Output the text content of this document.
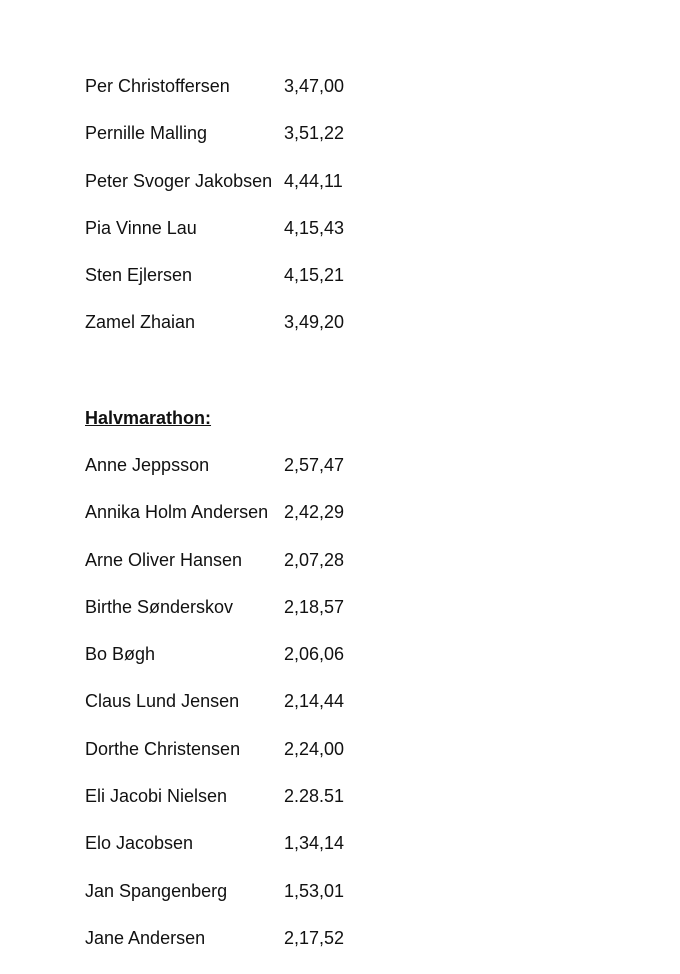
Per Christoffersen	3,47,00
Pernille Malling	3,51,22
Peter Svoger Jakobsen 4,44,11
Pia Vinne Lau	4,15,43
Sten Ejlersen	4,15,21
Zamel Zhaian	3,49,20
Halvmarathon:
Anne Jeppsson	2,57,47
Annika Holm Andersen 2,42,29
Arne Oliver Hansen 2,07,28
Birthe Sønderskov	2,18,57
Bo Bøgh	2,06,06
Claus Lund Jensen 2,14,44
Dorthe Christensen 2,24,00
Eli Jacobi Nielsen	2.28.51
Elo Jacobsen	1,34,14
Jan Spangenberg	1,53,01
Jane Andersen	2,17,52
